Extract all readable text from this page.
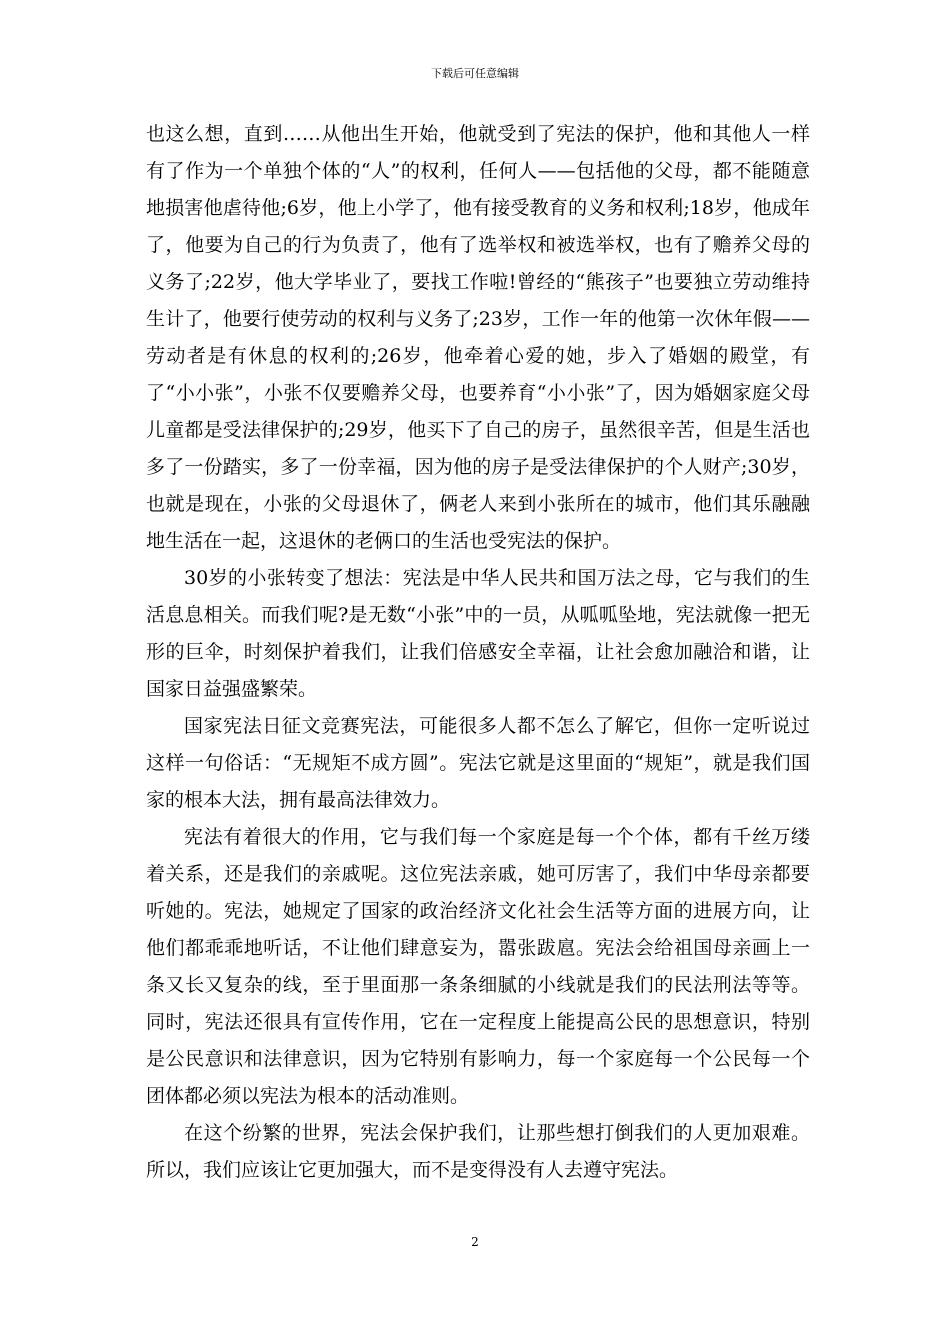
下载后可任意编辑

也这么想，直到……从他出生开始，他就受到了宪法的保护，他和其他人一样有了作为一个单独个体的“人”的权利，任何人——包括他的父母，都不能随意地损害他虐待他;6岁，他上小学了，他有接受教育的义务和权利;18岁，他成年了，他要为自己的行为负责了，他有了选举权和被选举权，也有了赡养父母的义务了;22岁，他大学毕业了，要找工作啦!曾经的“熊孩子”也要独立劳动维持生计了，他要行使劳动的权利与义务了;23岁，工作一年的他第一次休年假——劳动者是有休息的权利的;26岁，他牵着心爱的她，步入了婚姻的殿堂，有了“小小张”，小张不仅要赡养父母，也要养育“小小张”了，因为婚姻家庭父母儿童都是受法律保护的;29岁，他买下了自己的房子，虽然很辛苦，但是生活也多了一份踏实，多了一份幸福，因为他的房子是受法律保护的个人财产;30岁，也就是现在，小张的父母退休了，俩老人来到小张所在的城市，他们其乐融融地生活在一起，这退休的老俩口的生活也受宪法的保护。

30岁的小张转变了想法：宪法是中华人民共和国万法之母，它与我们的生活息息相关。而我们呢?是无数“小张”中的一员，从呱呱坠地，宪法就像一把无形的巨伞，时刻保护着我们，让我们倍感安全幸福，让社会愈加融洽和谐，让国家日益强盛繁荣。

国家宪法日征文竞赛宪法，可能很多人都不怎么了解它，但你一定听说过这样一句俗话：“无规矩不成方圆”。宪法它就是这里面的“规矩”，就是我们国家的根本大法，拥有最高法律效力。

宪法有着很大的作用，它与我们每一个家庭是每一个个体，都有千丝万缕着关系，还是我们的亲戚呢。这位宪法亲戚，她可厉害了，我们中华母亲都要听她的。宪法，她规定了国家的政治经济文化社会生活等方面的进展方向，让他们都乖乖地听话，不让他们肆意妄为，嚣张跋扈。宪法会给祖国母亲画上一条又长又复杂的线，至于里面那一条条细腻的小线就是我们的民法刑法等等。同时，宪法还很具有宣传作用，它在一定程度上能提高公民的思想意识，特别是公民意识和法律意识，因为它特别有影响力，每一个家庭每一个公民每一个团体都必须以宪法为根本的活动准则。

在这个纷繁的世界，宪法会保护我们，让那些想打倒我们的人更加艰难。所以，我们应该让它更加强大，而不是变得没有人去遵守宪法。

2
